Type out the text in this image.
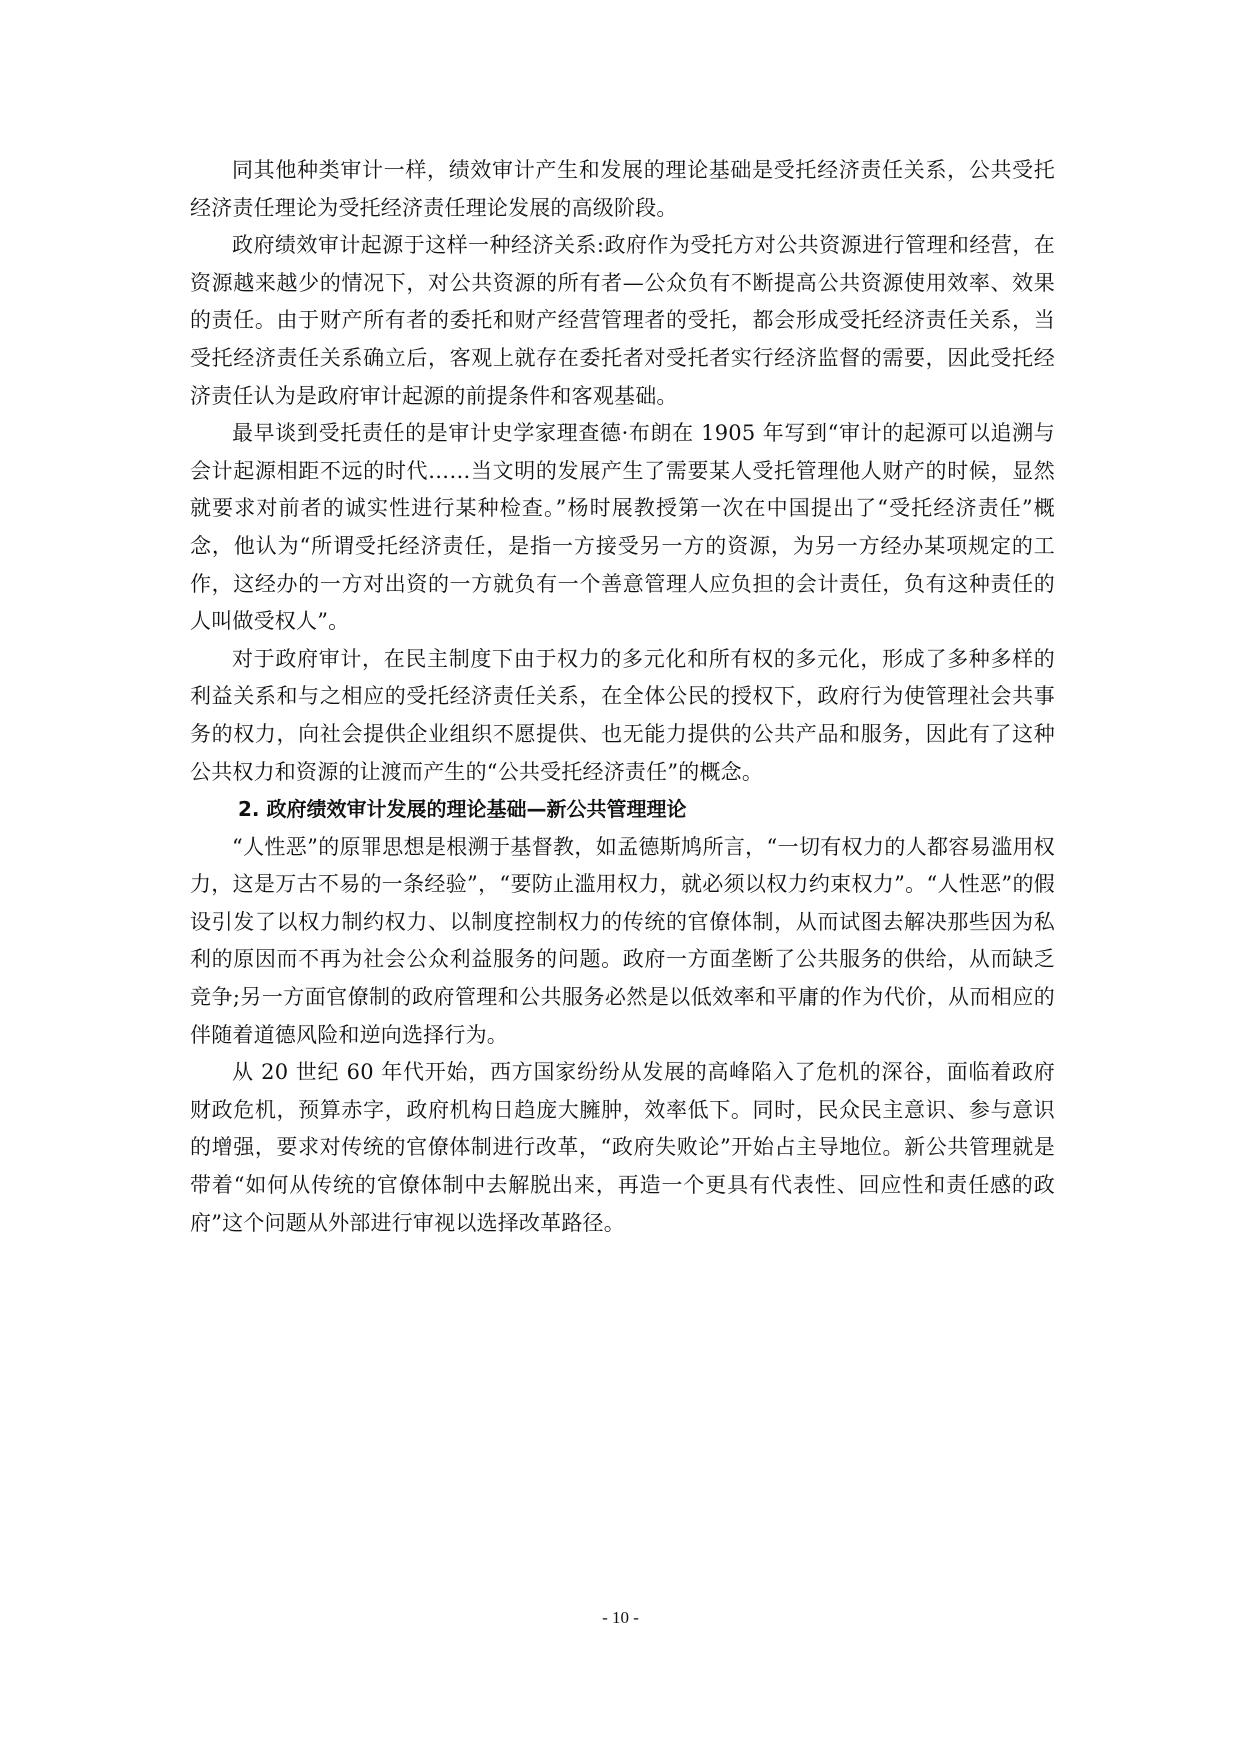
同其他种类审计一样，绩效审计产生和发展的理论基础是受托经济责任关系，公共受托经济责任理论为受托经济责任理论发展的高级阶段。

政府绩效审计起源于这样一种经济关系:政府作为受托方对公共资源进行管理和经营，在资源越来越少的情况下，对公共资源的所有者—公众负有不断提高公共资源使用效率、效果的责任。由于财产所有者的委托和财产经营管理者的受托，都会形成受托经济责任关系，当受托经济责任关系确立后，客观上就存在委托者对受托者实行经济监督的需要，因此受托经济责任认为是政府审计起源的前提条件和客观基础。

最早谈到受托责任的是审计史学家理查德·布朗在 1905 年写到“审计的起源可以追溯与会计起源相距不远的时代……当文明的发展产生了需要某人受托管理他人财产的时候，显然就要求对前者的诚实性进行某种检查。”杨时展教授第一次在中国提出了“受托经济责任”概念，他认为“所谓受托经济责任，是指一方接受另一方的资源，为另一方经办某项规定的工作，这经办的一方对出资的一方就负有一个善意管理人应负担的会计责任，负有这种责任的人叫做受权人”。

对于政府审计，在民主制度下由于权力的多元化和所有权的多元化，形成了多种多样的利益关系和与之相应的受托经济责任关系，在全体公民的授权下，政府行为使管理社会共事务的权力，向社会提供企业组织不愿提供、也无能力提供的公共产品和服务，因此有了这种公共权力和资源的让渡而产生的“公共受托经济责任”的概念。

2. 政府绩效审计发展的理论基础—新公共管理理论

“人性恶”的原罪思想是根溯于基督教，如孟德斯鸠所言，“一切有权力的人都容易滥用权力，这是万古不易的一条经验”，“要防止滥用权力，就必须以权力约束权力”。“人性恶”的假设引发了以权力制约权力、以制度控制权力的传统的官僚体制，从而试图去解决那些因为私利的原因而不再为社会公众利益服务的问题。政府一方面垄断了公共服务的供给，从而缺乏竞争;另一方面官僚制的政府管理和公共服务必然是以低效率和平庸的作为代价，从而相应的伴随着道德风险和逆向选择行为。

从 20 世纪 60 年代开始，西方国家纷纷从发展的高峰陷入了危机的深谷，面临着政府财政危机，预算赤字，政府机构日趋庞大臃肿，效率低下。同时，民众民主意识、参与意识的增强，要求对传统的官僚体制进行改革，“政府失败论”开始占主导地位。新公共管理就是带着“如何从传统的官僚体制中去解脱出来，再造一个更具有代表性、回应性和责任感的政府”这个问题从外部进行审视以选择改革路径。

- 10 -
